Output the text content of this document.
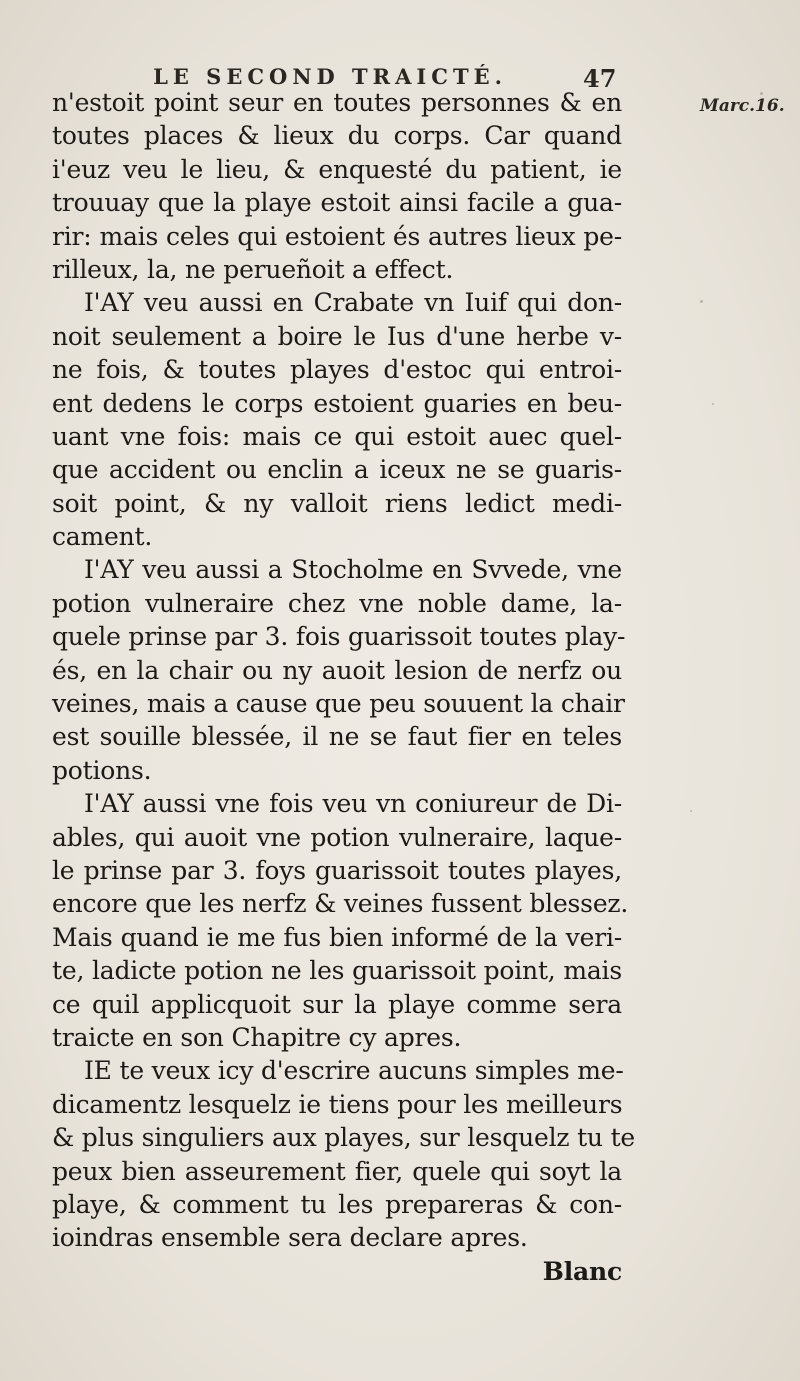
LE SECOND TRAICTÉ.	47
Marc.16.
n'estoit point seur en toutes personnes & en
toutes places & lieux du corps. Car quand
i'euz veu le lieu, & enquesté du patient, ie
trouuay que la playe estoit ainsi facile a gua-
rir: mais celes qui estoient és autres lieux pe-
rilleux, la, ne perueñoit a effect.
I'AY veu aussi en Crabate vn Iuif qui don-
noit seulement a boire le Ius d'une herbe v-
ne fois, & toutes playes d'estoc qui entroi-
ent dedens le corps estoient guaries en beu-
uant vne fois: mais ce qui estoit auec quel-
que accident ou enclin a iceux ne se guaris-
soit point, & ny valloit riens ledict medi-
cament.
I'AY veu aussi a Stocholme en Svvede, vne
potion vulneraire chez vne noble dame, la-
quele prinse par 3. fois guarissoit toutes play-
és, en la chair ou ny auoit lesion de nerfz ou
veines, mais a cause que peu souuent la chair
est souille blessée, il ne se faut fier en teles
potions.
I'AY aussi vne fois veu vn coniureur de Di-
ables, qui auoit vne potion vulneraire, laque-
le prinse par 3. foys guarissoit toutes playes,
encore que les nerfz & veines fussent blessez.
Mais quand ie me fus bien informé de la veri-
te, ladicte potion ne les guarissoit point, mais
ce quil applicquoit sur la playe comme sera
traicte en son Chapitre cy apres.
IE te veux icy d'escrire aucuns simples me-
dicamentz lesquelz ie tiens pour les meilleurs
& plus singuliers aux playes, sur lesquelz tu te
peux bien asseurement fier, quele qui soyt la
playe, & comment tu les prepareras & con-
ioindras ensemble sera declare apres.
Blanc
